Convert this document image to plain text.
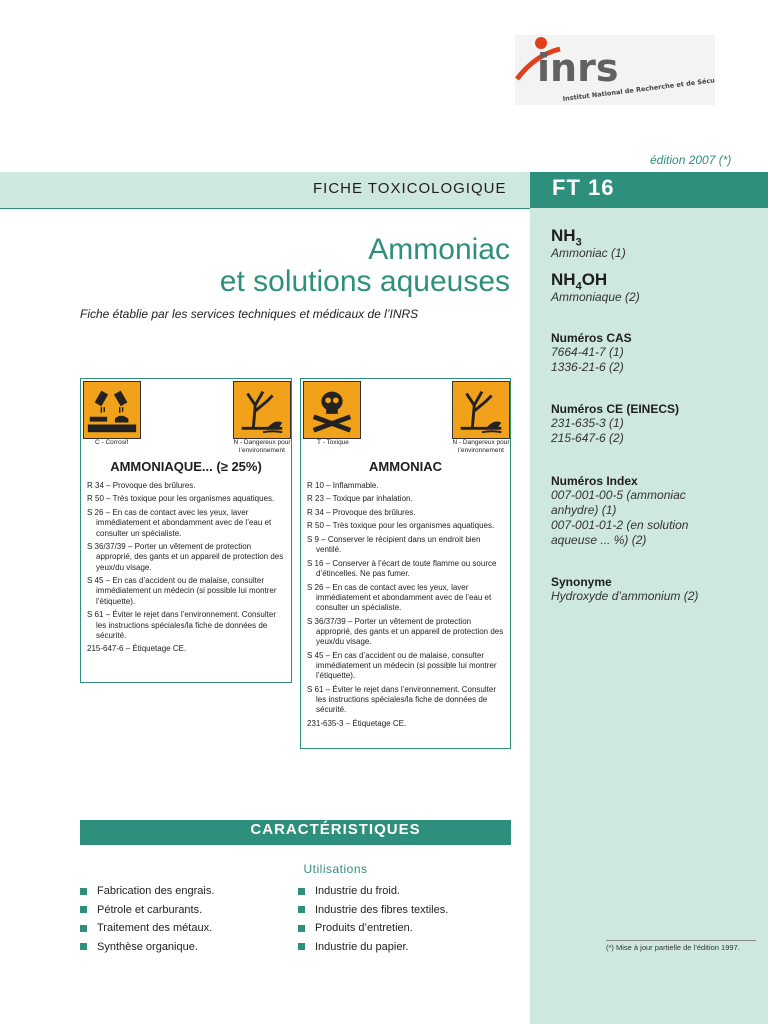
inrs
Institut National de Recherche et de Sécurité
édition 2007 (*)
FICHE TOXICOLOGIQUE FT 16
Ammoniac
et solutions aqueuses
Fiche établie par les services techniques et médicaux de l’INRS
C - Corrosif	N - Dangereux pour l’environnement
AMMONIAQUE... (≥ 25%)

R 34 – Provoque des brûlures.

R 50 – Très toxique pour les organismes aquatiques.

S 26 – En cas de contact avec les yeux, laver immédiatement et abondamment avec de l’eau et consulter un spécialiste.

S 36/37/39 – Porter un vêtement de protection approprié, des gants et un appareil de protection des yeux/du visage.

S 45 – En cas d’accident ou de malaise, consulter immédiatement un médecin (si possible lui montrer l’étiquette).

S 61 – Éviter le rejet dans l’environnement. Consulter les instructions spéciales/la fiche de données de sécurité.

215-647-6 – Étiquetage CE.

T - Toxique	N - Dangereux pour l’environnement
AMMONIAC

R 10 – Inflammable.

R 23 – Toxique par inhalation.

R 34 – Provoque des brûlures.

R 50 – Très toxique pour les organismes aquatiques.

S 9 – Conserver le récipient dans un endroit bien ventilé.

S 16 – Conserver à l’écart de toute flamme ou source d’étincelles. Ne pas fumer.

S 26 – En cas de contact avec les yeux, laver immédiatement et abondamment avec de l’eau et consulter un spécialiste.

S 36/37/39 – Porter un vêtement de protection approprié, des gants et un appareil de protection des yeux/du visage.

S 45 – En cas d’accident ou de malaise, consulter immédiatement un médecin (si possible lui montrer l’étiquette).

S 61 – Éviter le rejet dans l’environnement. Consulter les instructions spéciales/la fiche de données de sécurité.

231-635-3 – Étiquetage CE.

$NH_3$
Ammoniac (1)
$NH_4OH$
Ammoniaque (2)
Numéros CAS
7664-41-7 (1)
1336-21-6 (2)
Numéros CE (EINECS)
231-635-3 (1)
215-647-6 (2)
Numéros Index
007-001-00-5 (ammoniac
anhydre) (1)
007-001-01-2 (en solution
aqueuse ... %) (2)
Synonyme
Hydroxyde d’ammonium (2)
CARACTÉRISTIQUES
Utilisations
Fabrication des engrais.
Pétrole et carburants.
Traitement des métaux.
Synthèse organique.
Industrie du froid.
Industrie des fibres textiles.
Produits d’entretien.
Industrie du papier.	(*) Mise à jour partielle de l’édition 1997.
